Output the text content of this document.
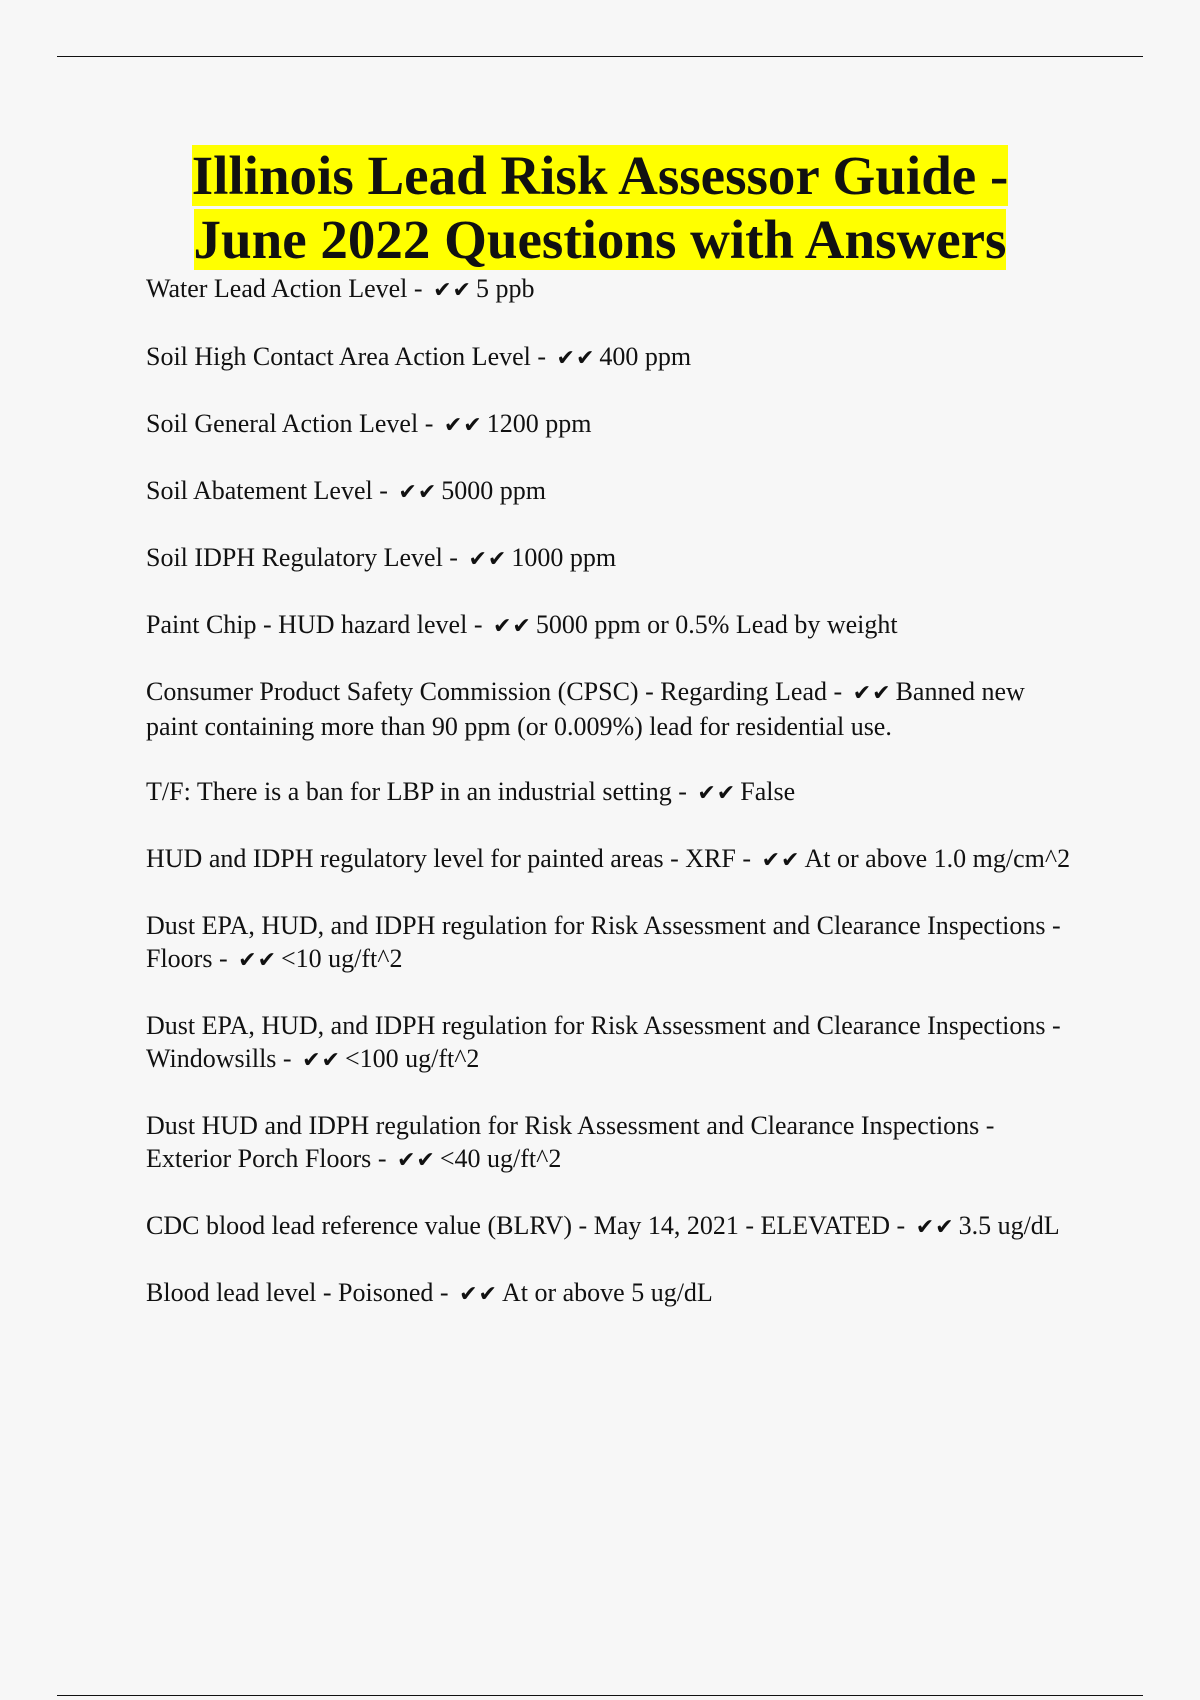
Illinois Lead Risk Assessor Guide -
June 2022 Questions with Answers
Water Lead Action Level - ✔✔ 5 ppb
Soil High Contact Area Action Level - ✔✔ 400 ppm
Soil General Action Level - ✔✔ 1200 ppm
Soil Abatement Level - ✔✔ 5000 ppm
Soil IDPH Regulatory Level - ✔✔ 1000 ppm
Paint Chip - HUD hazard level - ✔✔ 5000 ppm or 0.5% Lead by weight
Consumer Product Safety Commission (CPSC) - Regarding Lead - ✔✔ Banned new paint containing more than 90 ppm (or 0.009%) lead for residential use.
T/F: There is a ban for LBP in an industrial setting - ✔✔ False
HUD and IDPH regulatory level for painted areas - XRF - ✔✔ At or above 1.0 mg/cm^2
Dust EPA, HUD, and IDPH regulation for Risk Assessment and Clearance Inspections - Floors - ✔✔ <10 ug/ft^2
Dust EPA, HUD, and IDPH regulation for Risk Assessment and Clearance Inspections - Windowsills - ✔✔ <100 ug/ft^2
Dust HUD and IDPH regulation for Risk Assessment and Clearance Inspections - Exterior Porch Floors - ✔✔ <40 ug/ft^2
CDC blood lead reference value (BLRV) - May 14, 2021 - ELEVATED - ✔✔ 3.5 ug/dL
Blood lead level - Poisoned - ✔✔ At or above 5 ug/dL
